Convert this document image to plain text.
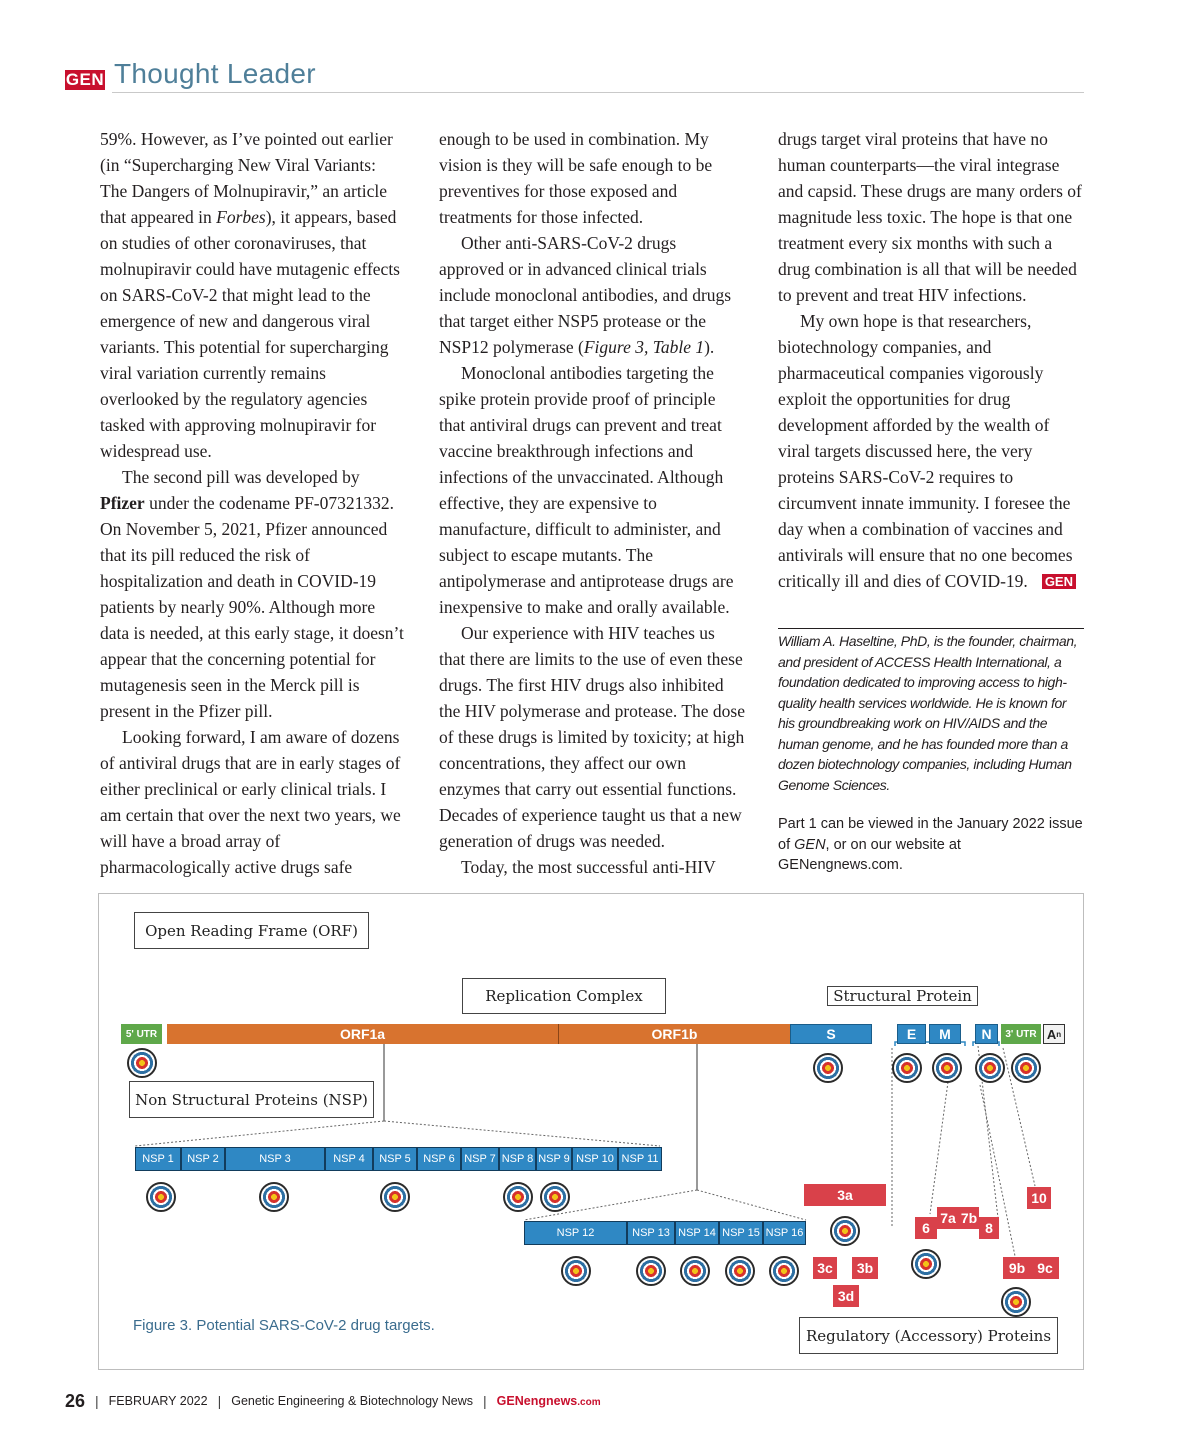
GEN Thought Leader

59%. However, as I’ve pointed out earlier (in “Supercharging New Viral Variants: The Dangers of Molnupiravir,” an article that appeared in Forbes), it appears, based on studies of other coronaviruses, that molnupiravir could have mutagenic effects on SARS-CoV-2 that might lead to the emergence of new and dangerous viral variants. This potential for supercharging viral variation currently remains overlooked by the regulatory agencies tasked with approving molnupiravir for widespread use.

The second pill was developed by Pfizer under the codename PF-07321332. On November 5, 2021, Pfizer announced that its pill reduced the risk of hospitalization and death in COVID-19 patients by nearly 90%. Although more data is needed, at this early stage, it doesn’t appear that the concerning potential for mutagenesis seen in the Merck pill is present in the Pfizer pill.

Looking forward, I am aware of dozens of antiviral drugs that are in early stages of either preclinical or early clinical trials. I am certain that over the next two years, we will have a broad array of pharmacologically active drugs safe

enough to be used in combination. My vision is they will be safe enough to be preventives for those exposed and treatments for those infected.

Other anti-SARS-CoV-2 drugs approved or in advanced clinical trials include monoclonal antibodies, and drugs that target either NSP5 protease or the NSP12 polymerase (Figure 3, Table 1).

Monoclonal antibodies targeting the spike protein provide proof of principle that antiviral drugs can prevent and treat vaccine breakthrough infections and infections of the unvaccinated. Although effective, they are expensive to manufacture, difficult to administer, and subject to escape mutants. The antipolymerase and antiprotease drugs are inexpensive to make and orally available.

Our experience with HIV teaches us that there are limits to the use of even these drugs. The first HIV drugs also inhibited the HIV polymerase and protease. The dose of these drugs is limited by toxicity; at high concentrations, they affect our own enzymes that carry out essential functions. Decades of experience taught us that a new generation of drugs was needed.

Today, the most successful anti-HIV

drugs target viral proteins that have no human counterparts—the viral integrase and capsid. These drugs are many orders of magnitude less toxic. The hope is that one treatment every six months with such a drug combination is all that will be needed to prevent and treat HIV infections.

My own hope is that researchers, biotechnology companies, and pharmaceutical companies vigorously exploit the opportunities for drug development afforded by the wealth of viral targets discussed here, the very proteins SARS-CoV-2 requires to circumvent innate immunity. I foresee the day when a combination of vaccines and antivirals will ensure that no one becomes critically ill and dies of COVID-19. GEN

William A. Haseltine, PhD, is the founder, chairman, and president of ACCESS Health International, a foundation dedicated to improving access to high-quality health services worldwide. He is known for his groundbreaking work on HIV/AIDS and the human genome, and he has founded more than a dozen biotechnology companies, including Human Genome Sciences.
Part 1 can be viewed in the January 2022 issue of GEN, or on our website at GENengnews.com.
Open Reading Frame (ORF)
Replication Complex	Structural Protein
Non Structural Proteins (NSP)
Regulatory (Accessory) Proteins
5' UTR	ORF1a	ORF1b	S	E	M	N	3' UTR A n
NSP 1	NSP 2	NSP 3	NSP 4	NSP 5	NSP 6 NSP 7 NSP 8 NSP 9 NSP 10 NSP 11
NSP 12	NSP 13 NSP 14 NSP 15 NSP 16
3a
3c	3b
3d
6
7a 7b
8
9b 9c
10
Figure 3. Potential SARS-CoV-2 drug targets.
26 | FEBRUARY 2022 | Genetic Engineering & Biotechnology News | GENengnews.com
